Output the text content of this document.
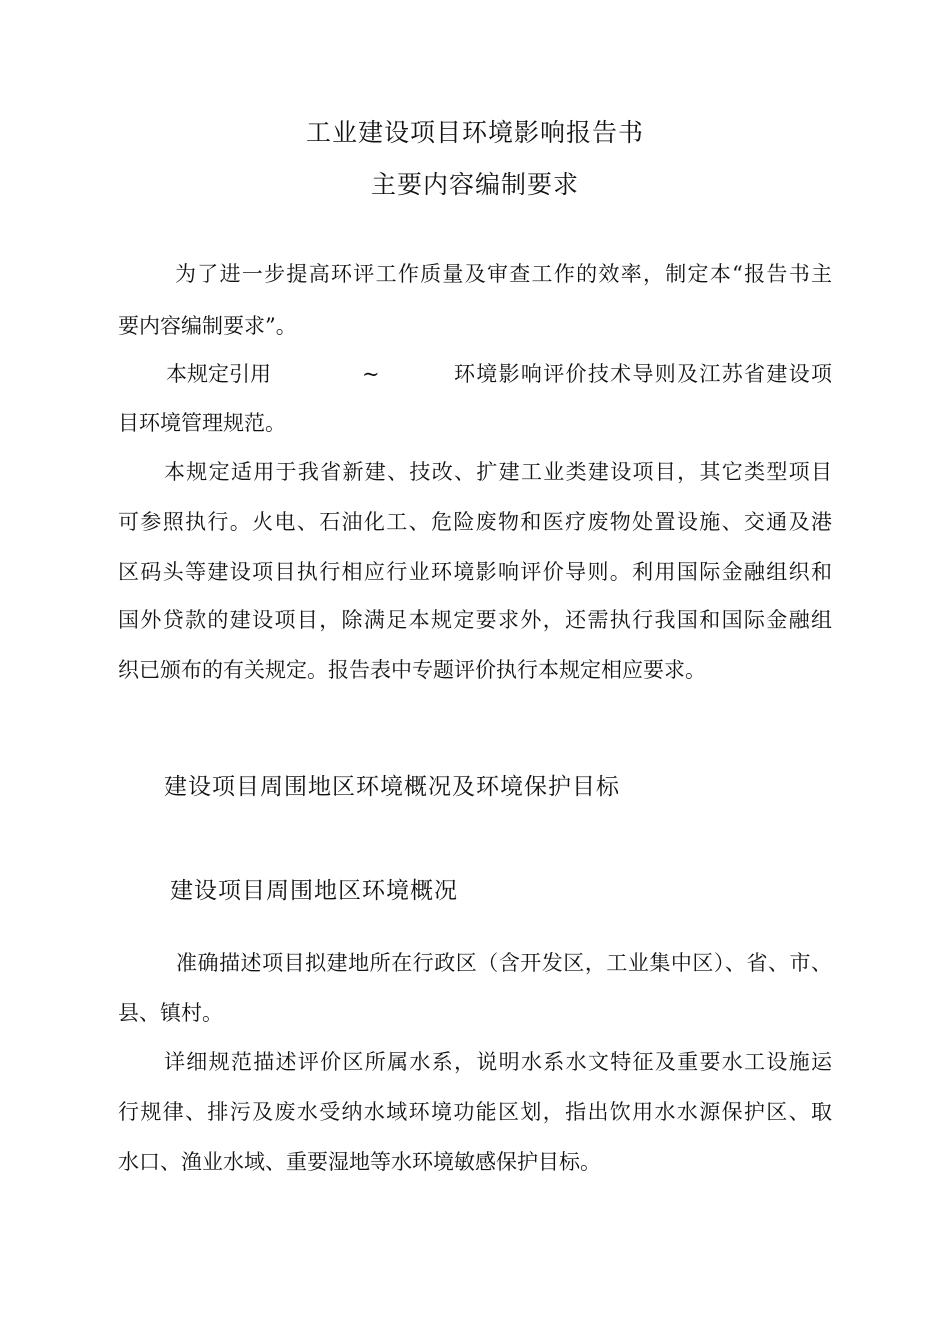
工业建设项目环境影响报告书
主要内容编制要求
为了进一步提高环评工作质量及审查工作的效率，制定本“报告书主
要内容编制要求”。
本规定引用	~	环境影响评价技术导则及江苏省建设项
目环境管理规范。
本规定适用于我省新建、技改、扩建工业类建设项目，其它类型项目
可参照执行。火电、石油化工、危险废物和医疗废物处置设施、交通及港
区码头等建设项目执行相应行业环境影响评价导则。利用国际金融组织和
国外贷款的建设项目，除满足本规定要求外，还需执行我国和国际金融组
织已颁布的有关规定。报告表中专题评价执行本规定相应要求。
建设项目周围地区环境概况及环境保护目标
建设项目周围地区环境概况
准确描述项目拟建地所在行政区（含开发区，工业集中区）、省、市、
县、镇村。
详细规范描述评价区所属水系，说明水系水文特征及重要水工设施运
行规律、排污及废水受纳水域环境功能区划，指出饮用水水源保护区、取
水口、渔业水域、重要湿地等水环境敏感保护目标。
